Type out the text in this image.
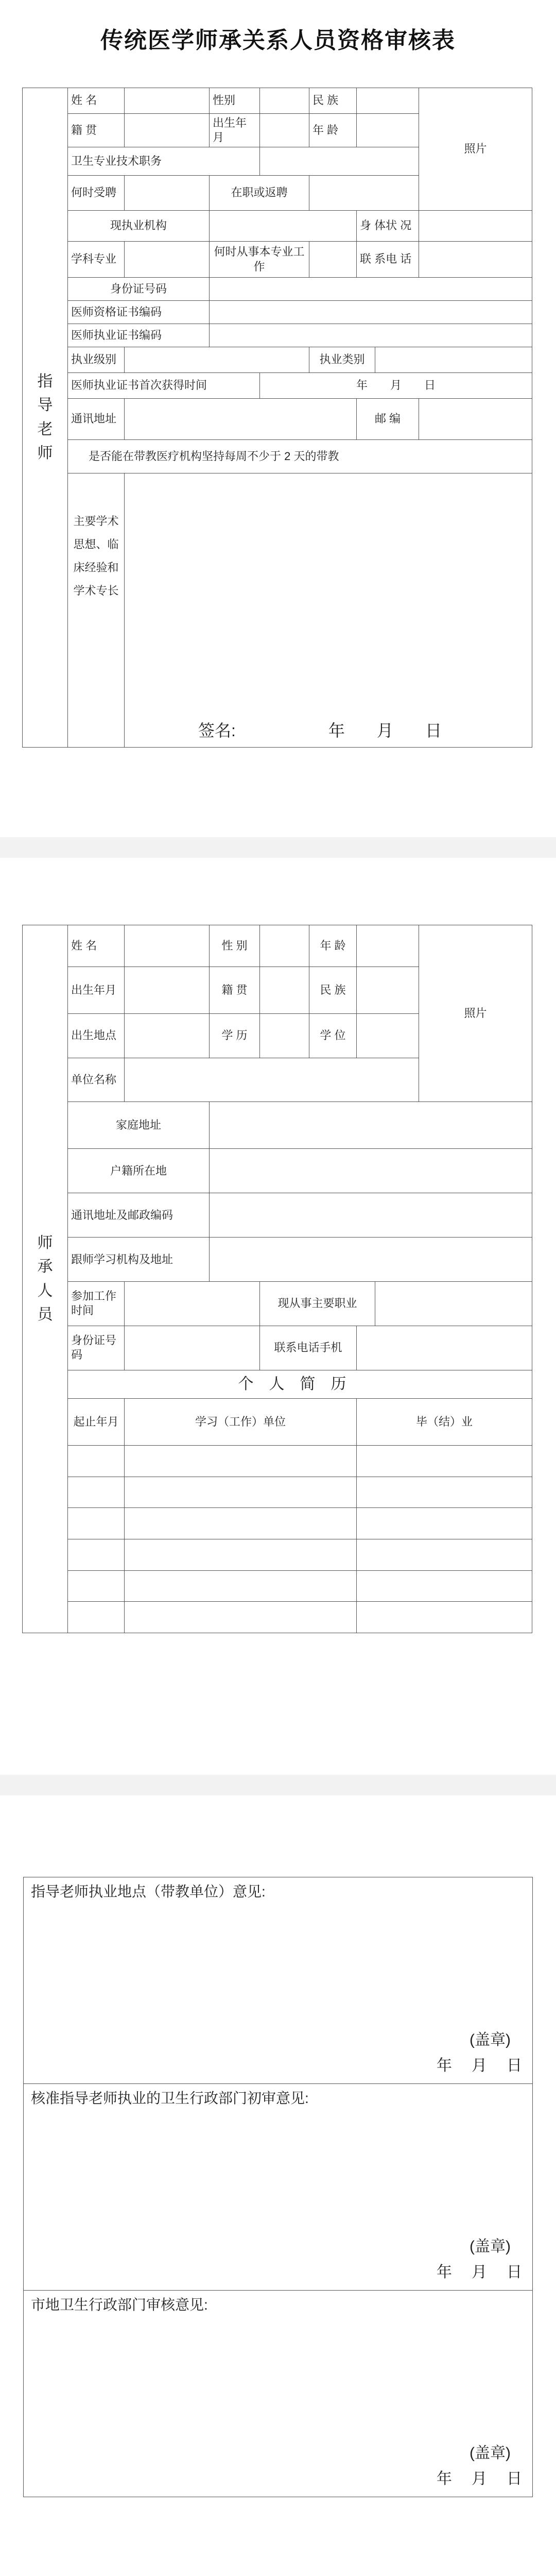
传统医学师承关系人员资格审核表
指导老师	姓 名		性别		民 族			照片
	籍 贯		出生年月		年 龄			
	卫生专业技术职务							
	何时受聘		在职或返聘					
	现执业机构					身 体状 况		
	学科专业		何时从事本专业工作			联 系电 话		
	身份证号码							
	医师资格证书编码							
	医师执业证书编码							
	执业级别				执业类别			
	医师执业证书首次获得时间			年　　月　　日				
	通讯地址					邮 编		
	是否能在带教医疗机构坚持每周不少于 2 天的带教							
	主要学术思想、临床经验和学术专长							
签名:	年 月 日
师承人员	姓 名		性 别		年 龄			照片
	出生年月		籍 贯		民 族			
	出生地点		学 历		学 位			
	单位名称							
	家庭地址							
	户籍所在地							
	通讯地址及邮政编码							
	跟师学习机构及地址							
	参加工作时间			现从事主要职业				
	身份证号码			联系电话手机				
	个人简历							
	起止年月	学习（工作）单位				毕（结）业		

指导老师执业地点（带教单位）意见:
(盖章)
年 月 日

核准指导老师执业的卫生行政部门初审意见:
(盖章)
年 月 日

市地卫生行政部门审核意见:
(盖章)
年 月 日
